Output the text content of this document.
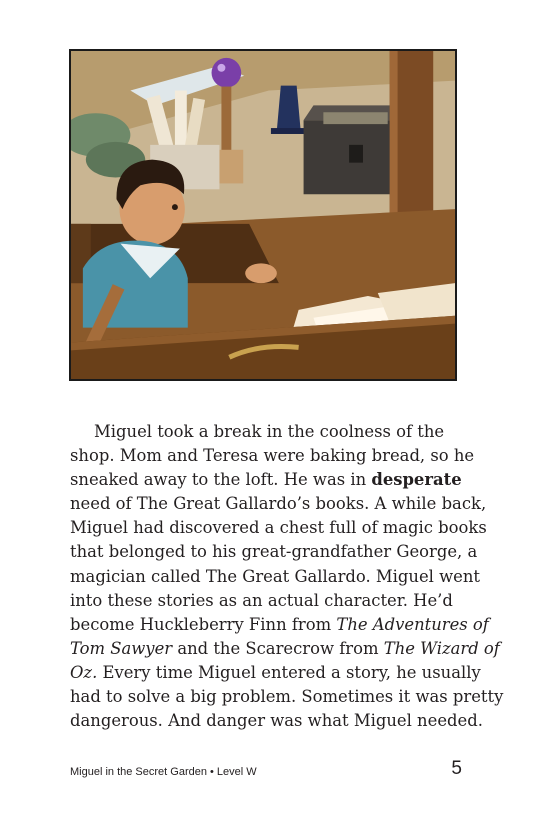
Miguel took a break in the coolness of the

shop. Mom and Teresa were baking bread, so he

sneaked away to the loft. He was in desperate

need of The Great Gallardo’s books. A while back,

Miguel had discovered a chest full of magic books

that belonged to his great-grandfather George, a

magician called The Great Gallardo. Miguel went

into these stories as an actual character. He’d

become Huckleberry Finn from The Adventures of

Tom Sawyer and the Scarecrow from The Wizard of

Oz. Every time Miguel entered a story, he usually

had to solve a big problem. Sometimes it was pretty

dangerous. And danger was what Miguel needed.

Miguel in the Secret Garden • Level W	5
